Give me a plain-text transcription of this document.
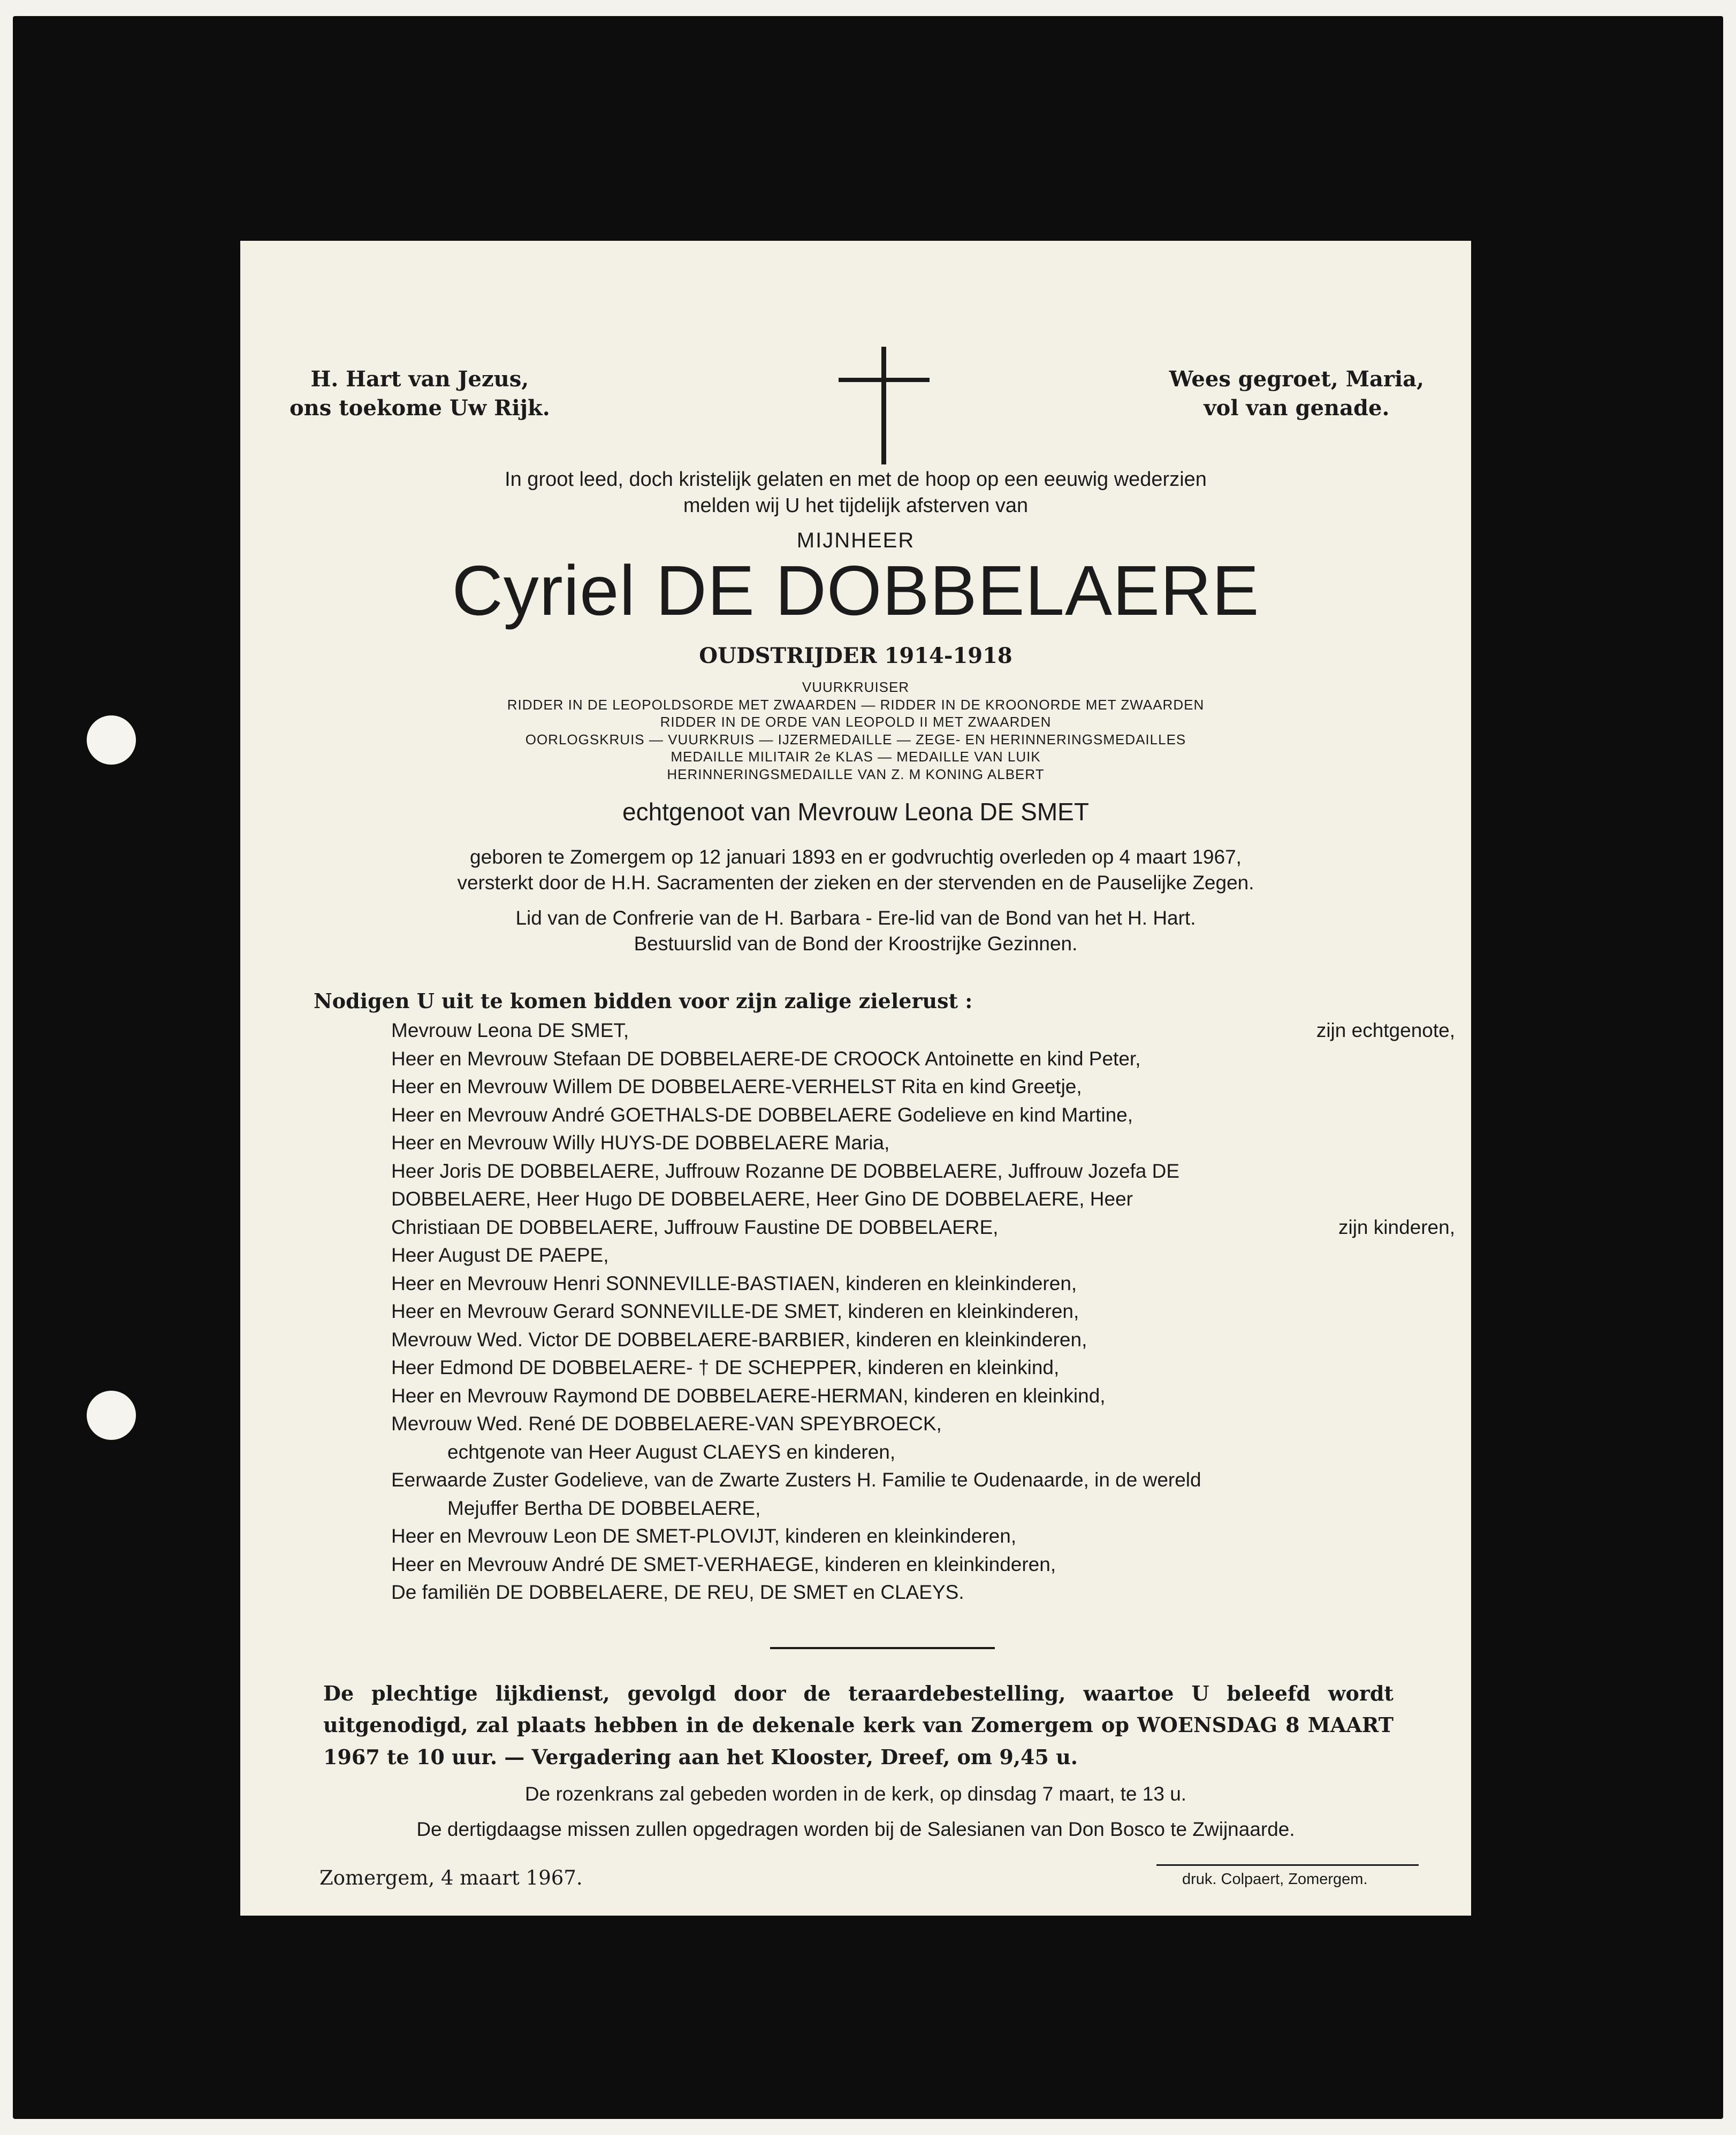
H. Hart van Jezus,
ons toekome Uw Rijk.
Wees gegroet, Maria,
vol van genade.
In groot leed, doch kristelijk gelaten en met de hoop op een eeuwig wederzien
melden wij U het tijdelijk afsterven van
MIJNHEER
Cyriel DE DOBBELAERE
OUDSTRIJDER 1914-1918
VUURKRUISER
RIDDER IN DE LEOPOLDSORDE MET ZWAARDEN — RIDDER IN DE KROONORDE MET ZWAARDEN
RIDDER IN DE ORDE VAN LEOPOLD II MET ZWAARDEN
OORLOGSKRUIS — VUURKRUIS — IJZERMEDAILLE — ZEGE- EN HERINNERINGSMEDAILLES
MEDAILLE MILITAIR 2e KLAS — MEDAILLE VAN LUIK
HERINNERINGSMEDAILLE VAN Z. M KONING ALBERT
echtgenoot van Mevrouw Leona DE SMET
geboren te Zomergem op 12 januari 1893 en er godvruchtig overleden op 4 maart 1967,
versterkt door de H.H. Sacramenten der zieken en der stervenden en de Pauselijke Zegen.
Lid van de Confrerie van de H. Barbara - Ere-lid van de Bond van het H. Hart.
Bestuurslid van de Bond der Kroostrijke Gezinnen.
Nodigen U uit te komen bidden voor zijn zalige zielerust :
Mevrouw Leona DE SMET,	zijn echtgenote,
Heer en Mevrouw Stefaan DE DOBBELAERE-DE CROOCK Antoinette en kind Peter,
Heer en Mevrouw Willem DE DOBBELAERE-VERHELST Rita en kind Greetje,
Heer en Mevrouw André GOETHALS-DE DOBBELAERE Godelieve en kind Martine,
Heer en Mevrouw Willy HUYS-DE DOBBELAERE Maria,
Heer Joris DE DOBBELAERE, Juffrouw Rozanne DE DOBBELAERE, Juffrouw Jozefa DE
DOBBELAERE, Heer Hugo DE DOBBELAERE, Heer Gino DE DOBBELAERE, Heer
Christiaan DE DOBBELAERE, Juffrouw Faustine DE DOBBELAERE,	zijn kinderen,
Heer August DE PAEPE,
Heer en Mevrouw Henri SONNEVILLE-BASTIAEN, kinderen en kleinkinderen,
Heer en Mevrouw Gerard SONNEVILLE-DE SMET, kinderen en kleinkinderen,
Mevrouw Wed. Victor DE DOBBELAERE-BARBIER, kinderen en kleinkinderen,
Heer Edmond DE DOBBELAERE- † DE SCHEPPER, kinderen en kleinkind,
Heer en Mevrouw Raymond DE DOBBELAERE-HERMAN, kinderen en kleinkind,
Mevrouw Wed. René DE DOBBELAERE-VAN SPEYBROECK,
echtgenote van Heer August CLAEYS en kinderen,
Eerwaarde Zuster Godelieve, van de Zwarte Zusters H. Familie te Oudenaarde, in de wereld
Mejuffer Bertha DE DOBBELAERE,
Heer en Mevrouw Leon DE SMET-PLOVIJT, kinderen en kleinkinderen,
Heer en Mevrouw André DE SMET-VERHAEGE, kinderen en kleinkinderen,
De familiën DE DOBBELAERE, DE REU, DE SMET en CLAEYS.
De plechtige lijkdienst, gevolgd door de teraardebestelling, waartoe U beleefd wordt uitgenodigd, zal plaats hebben in de dekenale kerk van Zomergem op WOENSDAG 8 MAART 1967 te 10 uur. — Vergadering aan het Klooster, Dreef, om 9,45 u.
De rozenkrans zal gebeden worden in de kerk, op dinsdag 7 maart, te 13 u.
De dertigdaagse missen zullen opgedragen worden bij de Salesianen van Don Bosco te Zwijnaarde.
Zomergem, 4 maart 1967.	druk. Colpaert, Zomergem.
